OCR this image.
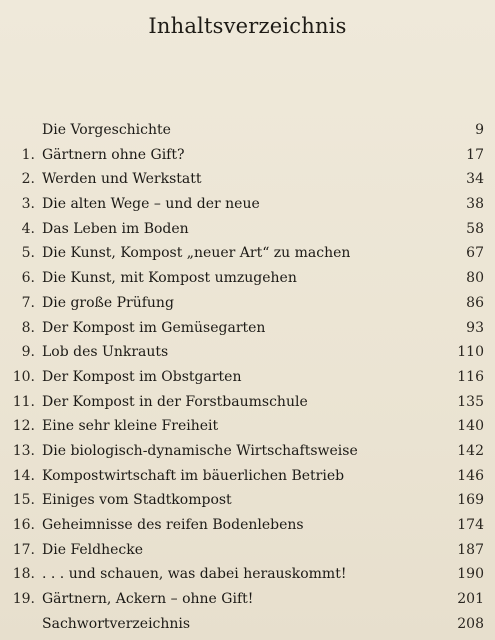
Inhaltsverzeichnis
Die Vorgeschichte	9
1. Gärtnern ohne Gift?	17
2. Werden und Werkstatt	34
3. Die alten Wege – und der neue	38
4. Das Leben im Boden	58
5. Die Kunst, Kompost „neuer Art“ zu machen	67
6. Die Kunst, mit Kompost umzugehen	80
7. Die große Prüfung	86
8. Der Kompost im Gemüsegarten	93
9. Lob des Unkrauts	110
10. Der Kompost im Obstgarten	116
11. Der Kompost in der Forstbaumschule	135
12. Eine sehr kleine Freiheit	140
13. Die biologisch-dynamische Wirtschaftsweise	142
14. Kompostwirtschaft im bäuerlichen Betrieb	146
15. Einiges vom Stadtkompost	169
16. Geheimnisse des reifen Bodenlebens	174
17. Die Feldhecke	187
18. . . . und schauen, was dabei herauskommt!	190
19. Gärtnern, Ackern – ohne Gift!	201
Sachwortverzeichnis	208
